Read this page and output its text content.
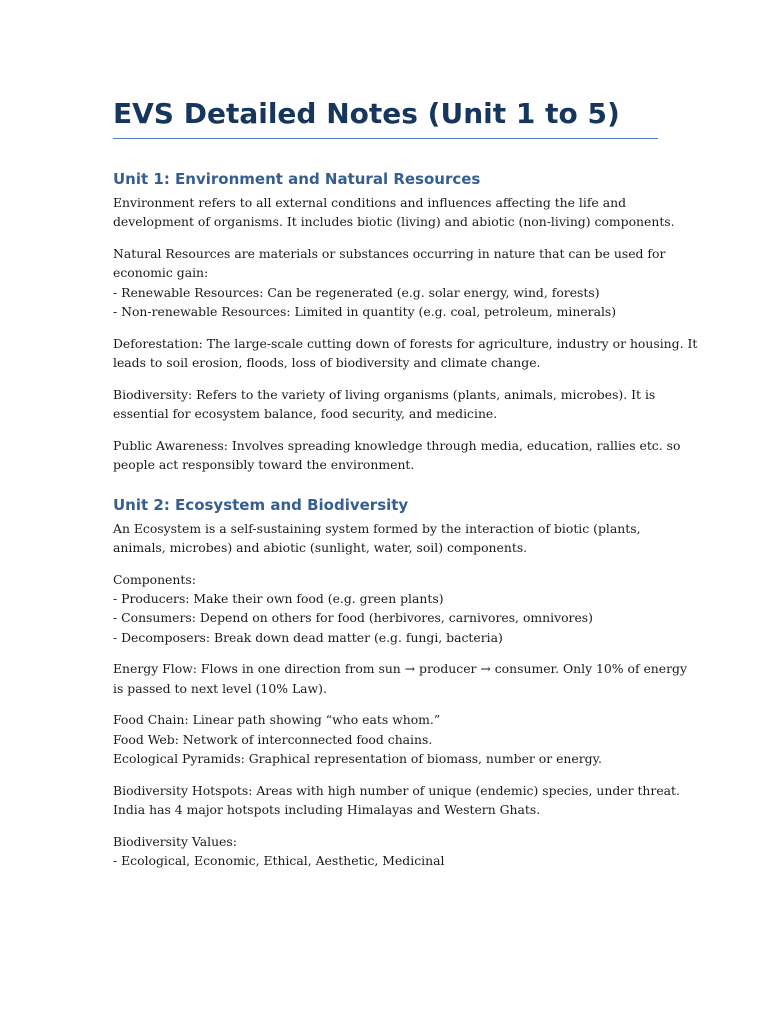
EVS Detailed Notes (Unit 1 to 5)
Unit 1: Environment and Natural Resources

Environment refers to all external conditions and influences affecting the life and
development of organisms. It includes biotic (living) and abiotic (non-living) components.

Natural Resources are materials or substances occurring in nature that can be used for
economic gain:
- Renewable Resources: Can be regenerated (e.g. solar energy, wind, forests)
- Non-renewable Resources: Limited in quantity (e.g. coal, petroleum, minerals)

Deforestation: The large-scale cutting down of forests for agriculture, industry or housing. It
leads to soil erosion, floods, loss of biodiversity and climate change.

Biodiversity: Refers to the variety of living organisms (plants, animals, microbes). It is
essential for ecosystem balance, food security, and medicine.

Public Awareness: Involves spreading knowledge through media, education, rallies etc. so
people act responsibly toward the environment.

Unit 2: Ecosystem and Biodiversity

An Ecosystem is a self-sustaining system formed by the interaction of biotic (plants,
animals, microbes) and abiotic (sunlight, water, soil) components.

Components:
- Producers: Make their own food (e.g. green plants)
- Consumers: Depend on others for food (herbivores, carnivores, omnivores)
- Decomposers: Break down dead matter (e.g. fungi, bacteria)

Energy Flow: Flows in one direction from sun → producer → consumer. Only 10% of energy
is passed to next level (10% Law).

Food Chain: Linear path showing “who eats whom.”
Food Web: Network of interconnected food chains.
Ecological Pyramids: Graphical representation of biomass, number or energy.

Biodiversity Hotspots: Areas with high number of unique (endemic) species, under threat.
India has 4 major hotspots including Himalayas and Western Ghats.

Biodiversity Values:
- Ecological, Economic, Ethical, Aesthetic, Medicinal
